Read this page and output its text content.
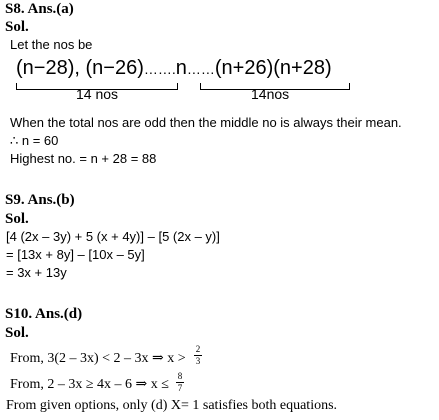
S8. Ans.(a)
Sol.
Let the nos be
(n−28), (n−26)…….n……(n+26)(n+28)
14 nos	14nos
When the total nos are odd then the middle no is always their mean.
∴ n = 60
Highest no. = n + 28 = 88
S9. Ans.(b)
Sol.
[4 (2x – 3y) + 5 (x + 4y)] – [5 (2x – y)]
= [13x + 8y] – [10x – 5y]
= 3x + 13y
S10. Ans.(d)
Sol.
From, 3(2 – 3x) < 2 – 3x ⇒ x >
2
3
From, 2 – 3x ≥ 4x – 6 ⇒ x ≤
8
7
From given options, only (d) X= 1 satisfies both equations.
